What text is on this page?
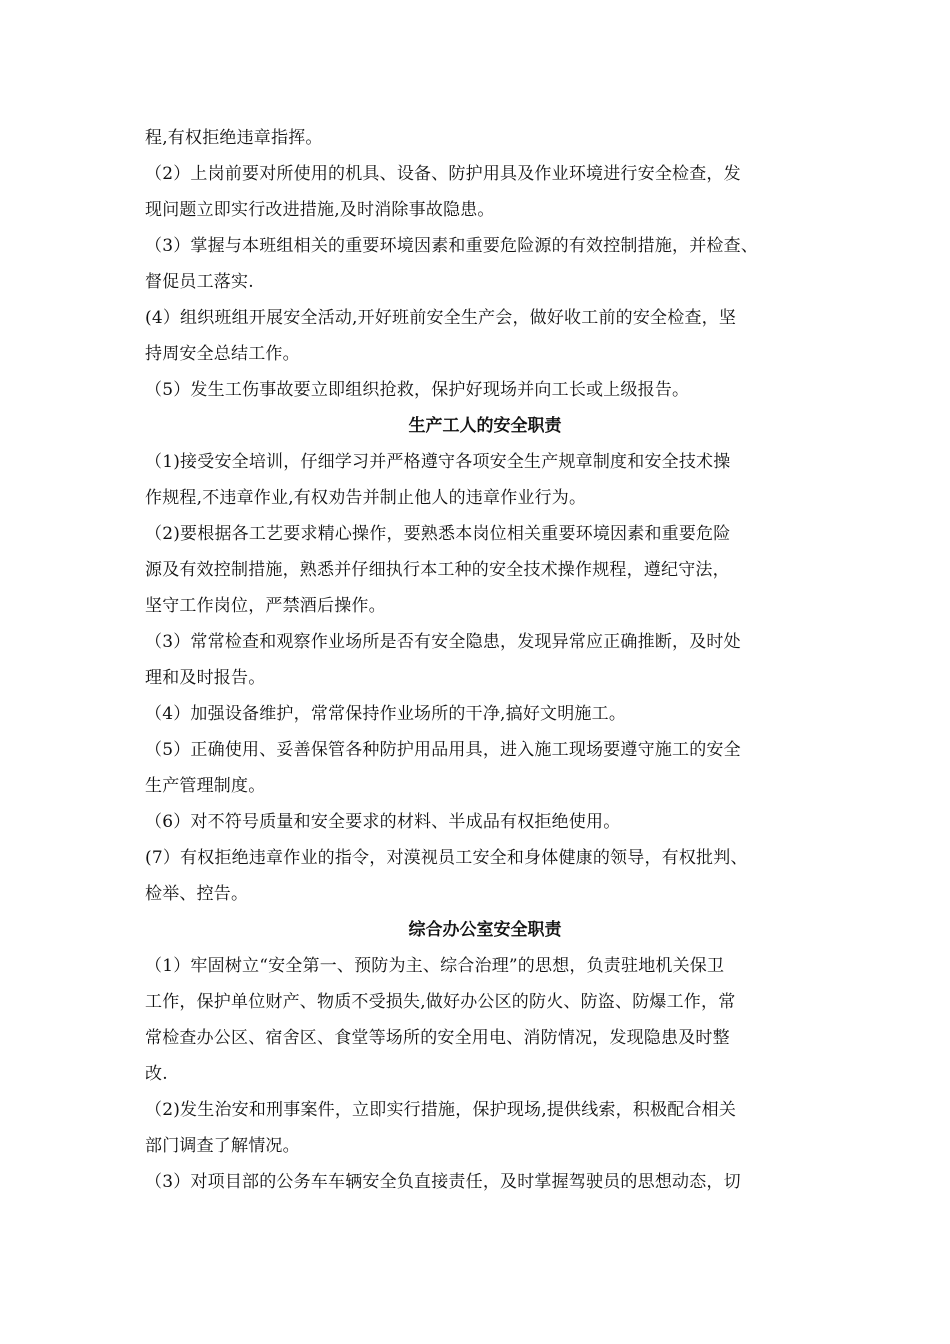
程,有权拒绝违章指挥。
（2）上岗前要对所使用的机具、设备、防护用具及作业环境进行安全检查，发
现问题立即实行改进措施,及时消除事故隐患。
（3）掌握与本班组相关的重要环境因素和重要危险源的有效控制措施，并检查、
督促员工落实.
(4）组织班组开展安全活动,开好班前安全生产会，做好收工前的安全检查，坚
持周安全总结工作。
（5）发生工伤事故要立即组织抢救，保护好现场并向工长或上级报告。
生产工人的安全职责
（1)接受安全培训，仔细学习并严格遵守各项安全生产规章制度和安全技术操
作规程,不违章作业,有权劝告并制止他人的违章作业行为。
（2)要根据各工艺要求精心操作，要熟悉本岗位相关重要环境因素和重要危险
源及有效控制措施，熟悉并仔细执行本工种的安全技术操作规程，遵纪守法，
坚守工作岗位，严禁酒后操作。
（3）常常检查和观察作业场所是否有安全隐患，发现异常应正确推断，及时处
理和及时报告。
（4）加强设备维护，常常保持作业场所的干净,搞好文明施工。
（5）正确使用、妥善保管各种防护用品用具，进入施工现场要遵守施工的安全
生产管理制度。
（6）对不符号质量和安全要求的材料、半成品有权拒绝使用。
(7）有权拒绝违章作业的指令，对漠视员工安全和身体健康的领导，有权批判、
检举、控告。
综合办公室安全职责
（1）牢固树立“安全第一、预防为主、综合治理”的思想，负责驻地机关保卫
工作，保护单位财产、物质不受损失,做好办公区的防火、防盗、防爆工作，常
常检查办公区、宿舍区、食堂等场所的安全用电、消防情况，发现隐患及时整
改.
（2)发生治安和刑事案件，立即实行措施，保护现场,提供线索，积极配合相关
部门调查了解情况。
（3）对项目部的公务车车辆安全负直接责任，及时掌握驾驶员的思想动态，切
